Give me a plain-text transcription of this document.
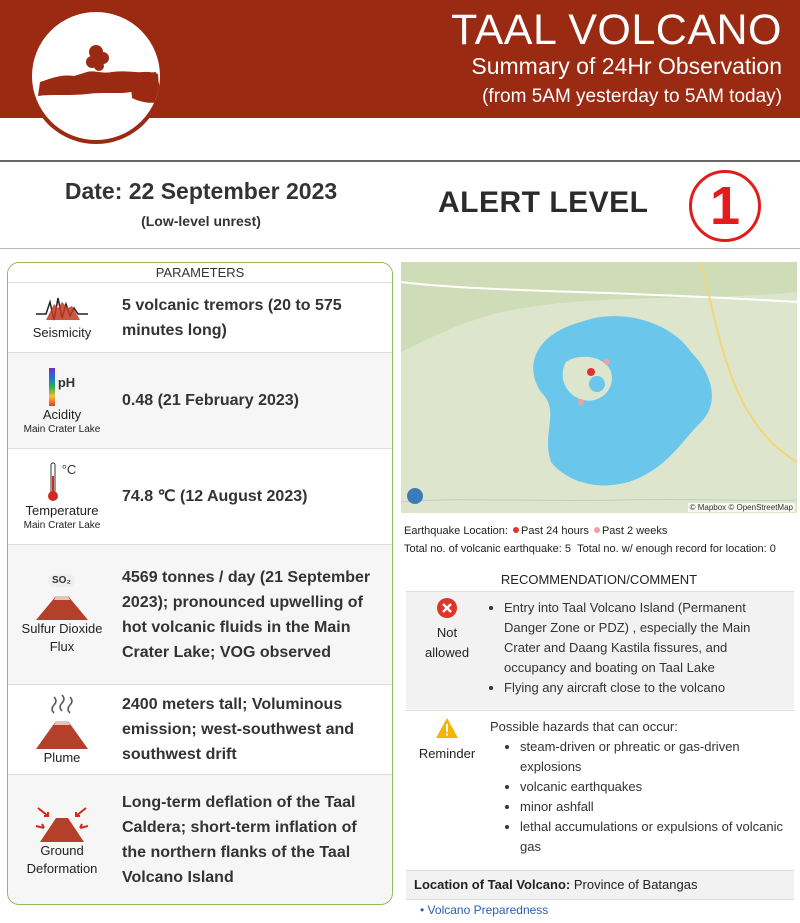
TAAL VOLCANO
Summary of 24Hr Observation
(from 5AM yesterday to 5AM today)
Date: 22 September 2023
(Low-level unrest)
ALERT LEVEL	1
PARAMETERS
Seismicity
5 volcanic tremors (20 to 575 minutes long)
pH
Acidity
Main Crater Lake
0.48 (21 February 2023)
°C
Temperature
Main Crater Lake
74.8 ℃ (12 August 2023)
SO₂
Sulfur Dioxide Flux
4569 tonnes / day (21 September 2023); pronounced upwelling of hot volcanic fluids in the Main Crater Lake; VOG observed
Plume
2400 meters tall; Voluminous emission; west-southwest and southwest drift
Ground Deformation
Long-term deflation of the Taal Caldera; short-term inflation of the northern flanks of the Taal Volcano Island
© Mapbox © OpenStreetMap
Earthquake Location: Past 24 hours Past 2 weeks
Total no. of volcanic earthquake: 5 Total no. w/ enough record for location: 0
RECOMMENDATION/COMMENT
Not allowed
• Entry into Taal Volcano Island (Permanent Danger Zone or PDZ) , especially the Main Crater and Daang Kastila fissures, and occupancy and boating on Taal Lake
• Flying any aircraft close to the volcano
Reminder
Possible hazards that can occur:
• steam-driven or phreatic or gas-driven explosions
• volcanic earthquakes
• minor ashfall
• lethal accumulations or expulsions of volcanic gas
Location of Taal Volcano: Province of Batangas
• Volcano Preparedness
